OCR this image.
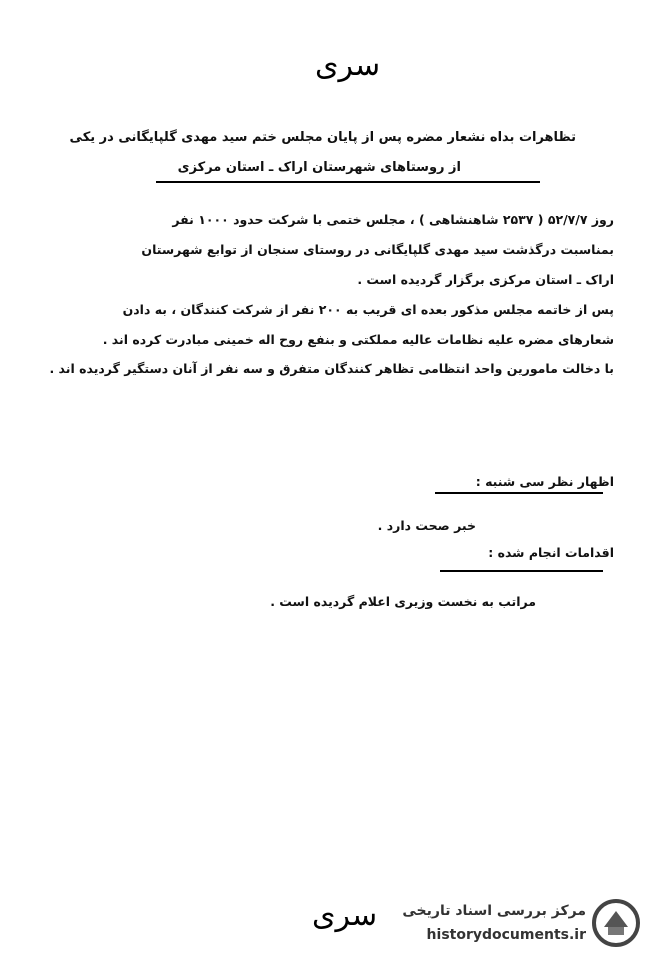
سری
تظاهرات بداه نشعار مضره پس از پایان مجلس ختم سید مهدی گلپایگانی در یکی
از روستاهای شهرستان اراک ـ استان مرکزی
روز ۵۲/۷/۷ ( ۲۵۳۷ شاهنشاهی ) ، مجلس ختمی با شرکت حدود ۱۰۰۰ نفر
بمناسبت درگذشت سید مهدی گلپایگانی در روستای سنجان از توابع شهرستان
اراک ـ استان مرکزی برگزار گردیده است .
پس از خاتمه مجلس مذکور بعده ای قریب به ۲۰۰ نفر از شرکت کنندگان ، به دادن
شعارهای مضره علیه نظامات عالیه مملکتی و بنفع روح اله خمینی مبادرت کرده اند .
با دخالت مامورین واحد انتظامی تظاهر کنندگان متفرق و سه نفر از آنان دستگیر گردیده اند .
اظهار نظر سی شنبه :
خبر صحت دارد .
اقدامات انجام شده :
مراتب به نخست وزیری اعلام گردیده است .
سری مرکز بررسی اسناد تاریخی
historydocuments.ir
